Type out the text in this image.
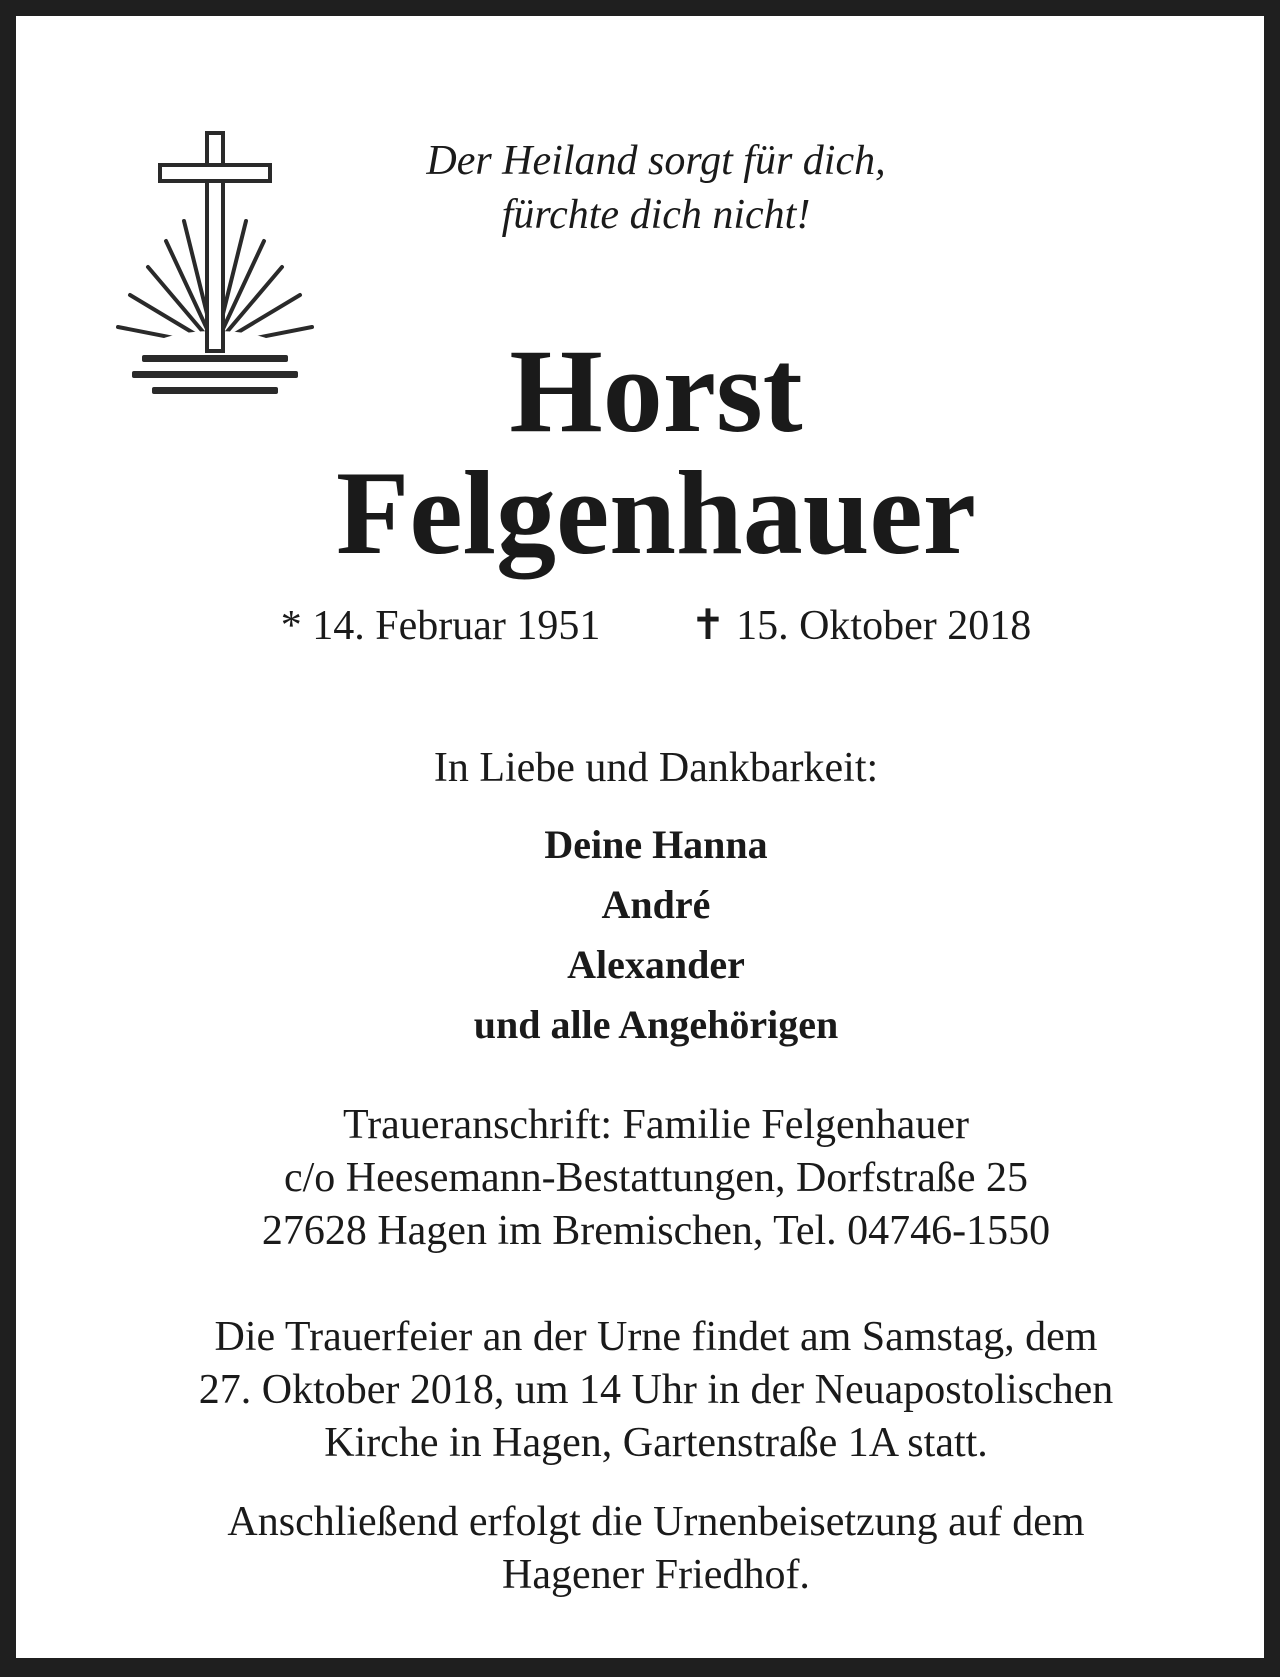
Der Heiland sorgt für dich,
fürchte dich nicht!

Horst
Felgenhauer

* 14. Februar 1951 ✝ 15. Oktober 2018

In Liebe und Dankbarkeit:

Deine Hanna
André
Alexander
und alle Angehörigen

Traueranschrift: Familie Felgenhauer
c/o Heesemann-Bestattungen, Dorfstraße 25
27628 Hagen im Bremischen, Tel. 04746-1550

Die Trauerfeier an der Urne findet am Samstag, dem
27. Oktober 2018, um 14 Uhr in der Neuapostolischen
Kirche in Hagen, Gartenstraße 1A statt.

Anschließend erfolgt die Urnenbeisetzung auf dem
Hagener Friedhof.
